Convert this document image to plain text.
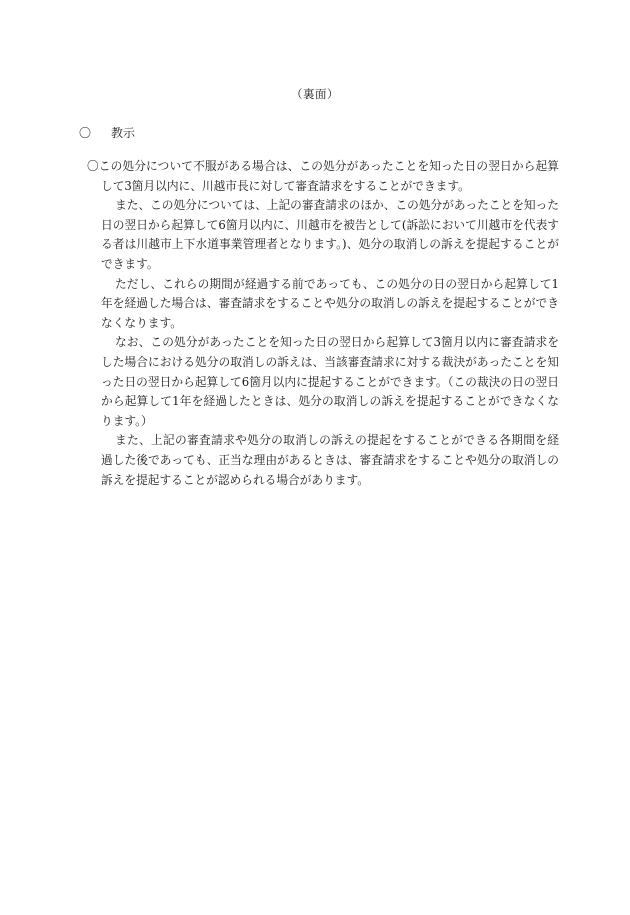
（裏面）
〇	教示

〇この処分について不服がある場合は、この処分があったことを知った日の翌日から起算して3箇月以内に、川越市長に対して審査請求をすることができます。

また、この処分については、上記の審査請求のほか、この処分があったことを知った日の翌日から起算して6箇月以内に、川越市を被告として(訴訟において川越市を代表する者は川越市上下水道事業管理者となります。)、処分の取消しの訴えを提起することができます。

ただし、これらの期間が経過する前であっても、この処分の日の翌日から起算して1年を経過した場合は、審査請求をすることや処分の取消しの訴えを提起することができなくなります。

なお、この処分があったことを知った日の翌日から起算して3箇月以内に審査請求をした場合における処分の取消しの訴えは、当該審査請求に対する裁決があったことを知った日の翌日から起算して6箇月以内に提起することができます。（この裁決の日の翌日から起算して1年を経過したときは、処分の取消しの訴えを提起することができなくなります。）

また、上記の審査請求や処分の取消しの訴えの提起をすることができる各期間を経過した後であっても、正当な理由があるときは、審査請求をすることや処分の取消しの訴えを提起することが認められる場合があります。
